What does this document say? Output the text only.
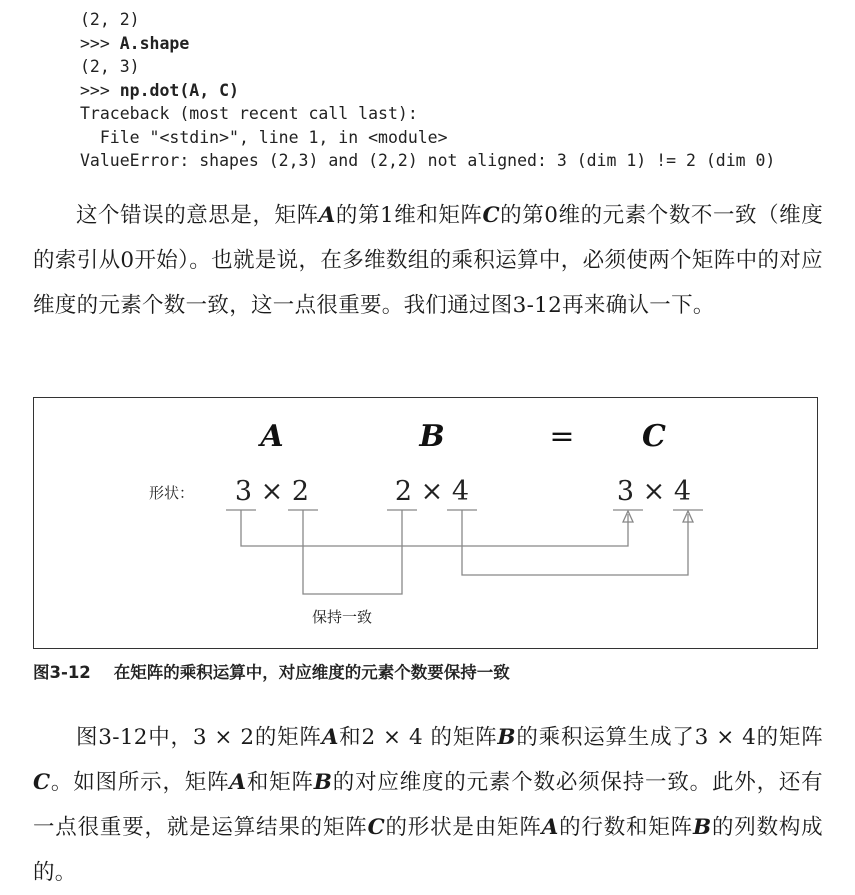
(2, 2)
>>> A.shape
(2, 3)
>>> np.dot(A, C)
Traceback (most recent call last):
File "<stdin>", line 1, in <module>
ValueError: shapes (2,3) and (2,2) not aligned: 3 (dim 1) != 2 (dim 0)
这个错误的意思是，矩阵A的第1维和矩阵C的第0维的元素个数不一致（维度的索引从0开始）。也就是说，在多维数组的乘积运算中，必须使两个矩阵中的对应维度的元素个数一致，这一点很重要。我们通过图3-12再来确认一下。
A	B	C
=
形状： 3 × 2	2 × 4	3 × 4
保持一致
图3-12 在矩阵的乘积运算中，对应维度的元素个数要保持一致
图3-12中，3 × 2的矩阵A和2 × 4 的矩阵B的乘积运算生成了3 × 4的矩阵C。如图所示，矩阵A和矩阵B的对应维度的元素个数必须保持一致。此外，还有一点很重要，就是运算结果的矩阵C的形状是由矩阵A的行数和矩阵B的列数构成的。
